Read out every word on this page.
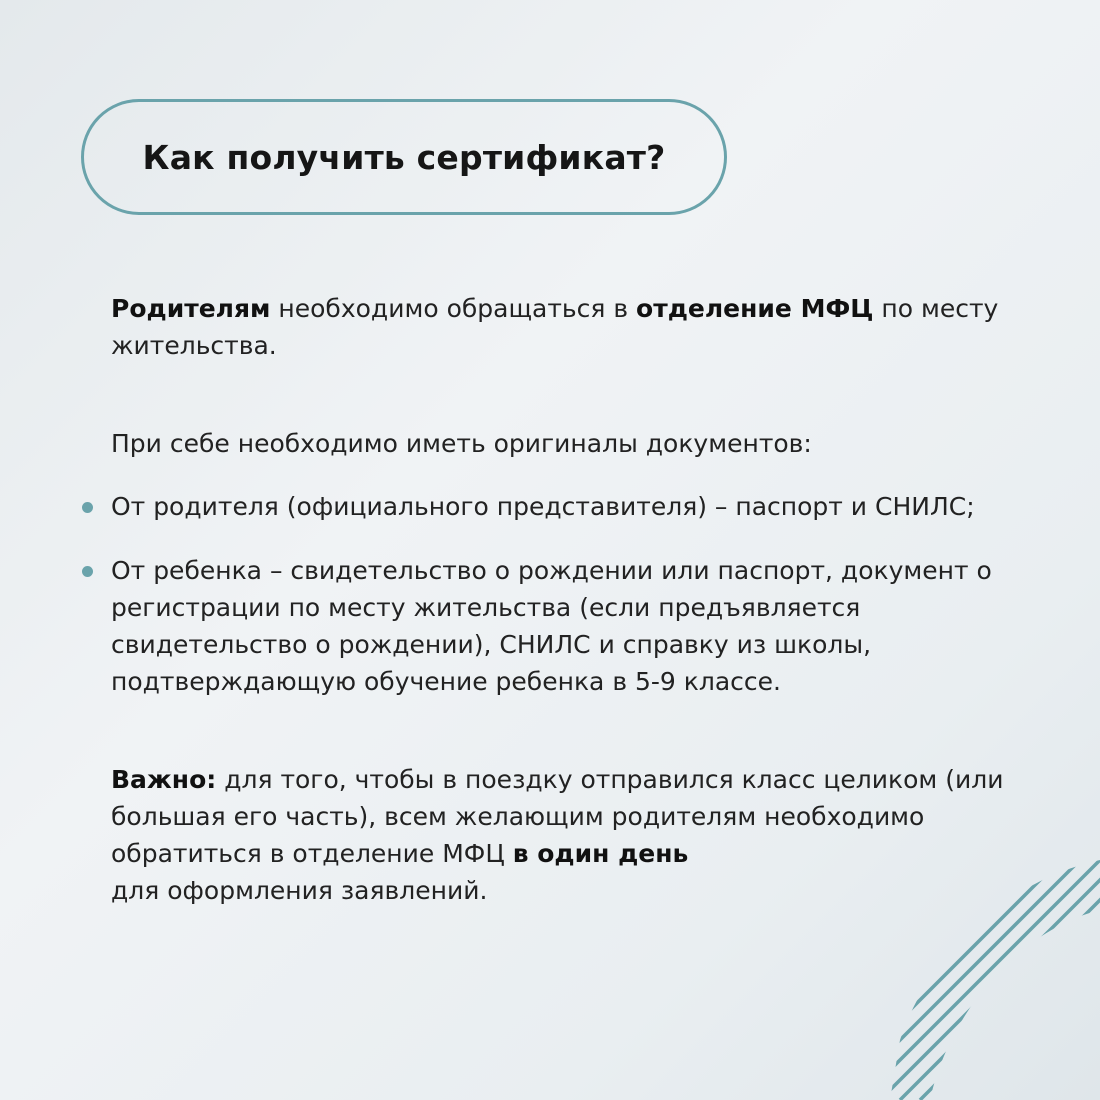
Как получить сертификат?
Родителям необходимо обращаться в отделение МФЦ по месту жительства.
При себе необходимо иметь оригиналы документов:
От родителя (официального представителя) – паспорт и СНИЛС;
От ребенка – свидетельство о рождении или паспорт, документ о регистрации по месту жительства (если предъявляется свидетельство о рождении), СНИЛС и справку из школы, подтверждающую обучение ребенка в 5-9 классе.
Важно: для того, чтобы в поездку отправился класс целиком (или большая его часть), всем желающим родителям необходимо обратиться в отделение МФЦ в один день
для оформления заявлений.
